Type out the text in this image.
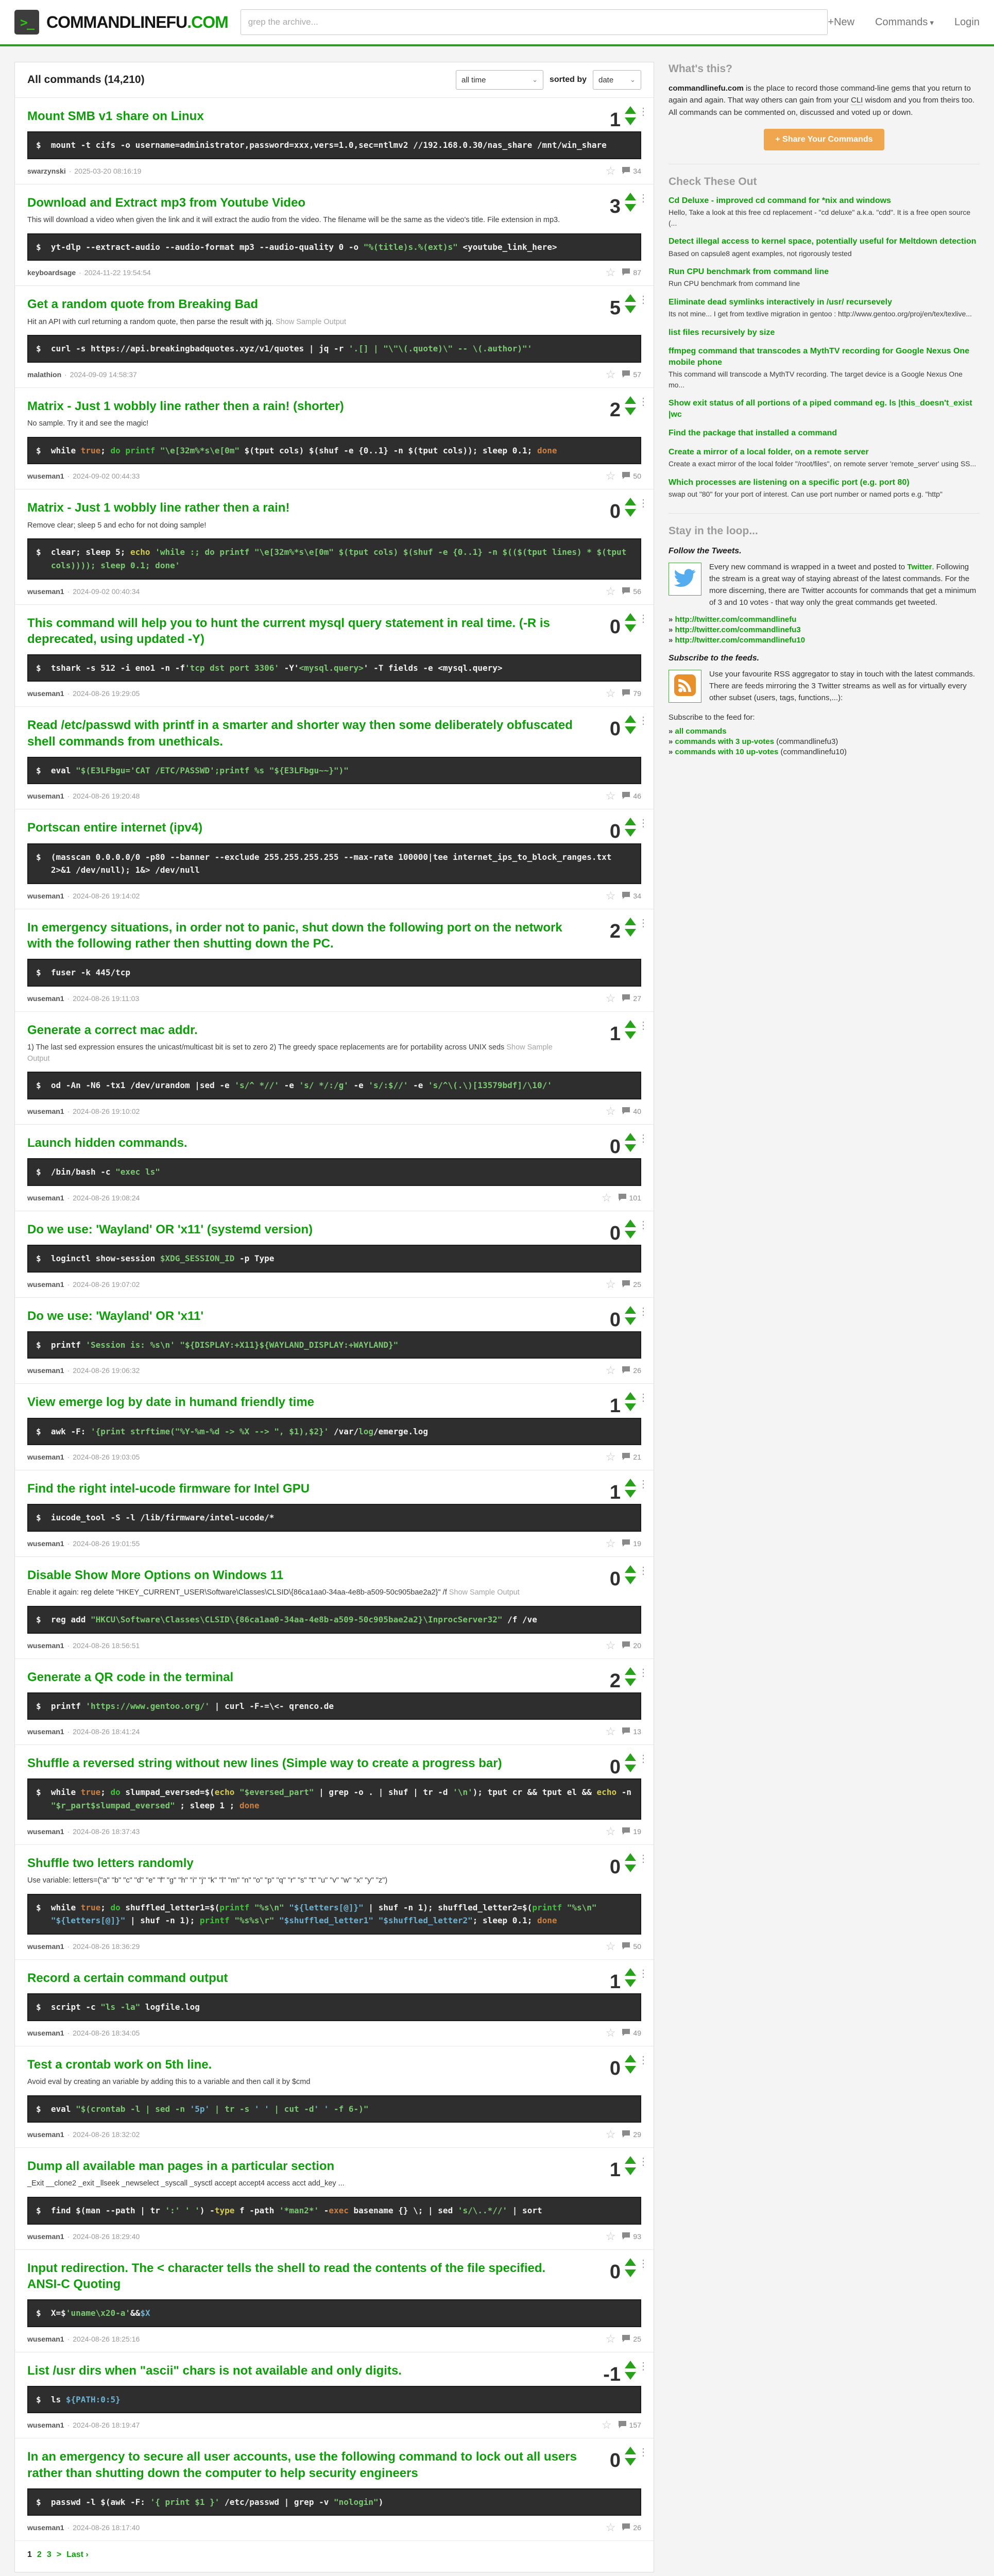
>_ COMMANDLINEFU.COM
grep the archive...	+New Commands ▾ Login
All commands (14,210)	all time	⌄ sorted by date ⌄
Mount SMB v1 share on Linux
$  mount -t cifs -o username=administrator,password=xxx,vers=1.0,sec=ntlmv2 //192.168.0.30/nas_share /mnt/win_share
swarzynski · 2025-03-20 08:16:19	☆ 34
1 ⋮
Download and Extract mp3 from Youtube Video
This will download a video when given the link and it will extract the audio from the video. The filename will be the same as the video's title. File extension in mp3.
$  yt-dlp --extract-audio --audio-format mp3 --audio-quality 0 -o "%(title)s.%(ext)s" <youtube_link_here>
keyboardsage · 2024-11-22 19:54:54	☆ 87
3 ⋮
Get a random quote from Breaking Bad
Hit an API with curl returning a random quote, then parse the result with jq. Show Sample Output
$  curl -s https://api.breakingbadquotes.xyz/v1/quotes | jq -r '.[] | "\"\(.quote)\" -- \(.author)"'
malathion · 2024-09-09 14:58:37	☆ 57
5 ⋮
Matrix - Just 1 wobbly line rather then a rain! (shorter)
No sample. Try it and see the magic!
$  while true; do printf "\e[32m%*s\e[0m" $(tput cols) $(shuf -e {0..1} -n $(tput cols)); sleep 0.1; done
wuseman1 · 2024-09-02 00:44:33	☆ 50
2 ⋮
Matrix - Just 1 wobbly line rather then a rain!
Remove clear; sleep 5 and echo for not doing sample!
$  clear; sleep 5; echo 'while :; do printf "\e[32m%*s\e[0m" $(tput cols) $(shuf -e {0..1} -n $(($(tput lines) * $(tput cols)))); sleep 0.1; done'
wuseman1 · 2024-09-02 00:40:34	☆ 56
0 ⋮
This command will help you to hunt the current mysql query statement in real time. (-R is deprecated, using updated -Y)
$  tshark -s 512 -i eno1 -n -f'tcp dst port 3306' -Y'<mysql.query>' -T fields -e <mysql.query>
wuseman1 · 2024-08-26 19:29:05	☆ 79
0 ⋮
Read /etc/passwd with printf in a smarter and shorter way then some deliberately obfuscated shell commands from unethicals.
$  eval "$(E3LFbgu='CAT /ETC/PASSWD';printf %s "${E3LFbgu~~}")"
wuseman1 · 2024-08-26 19:20:48	☆ 46
0 ⋮
Portscan entire internet (ipv4)
$  (masscan 0.0.0.0/0 -p80 --banner --exclude 255.255.255.255 --max-rate 100000|tee internet_ips_to_block_ranges.txt 2>&1 /dev/null); 1&> /dev/null
wuseman1 · 2024-08-26 19:14:02	☆ 34
0 ⋮
In emergency situations, in order not to panic, shut down the following port on the network with the following rather then shutting down the PC.
$  fuser -k 445/tcp
wuseman1 · 2024-08-26 19:11:03	☆ 27
2 ⋮
Generate a correct mac addr.
1) The last sed expression ensures the unicast/multicast bit is set to zero 2) The greedy space replacements are for portability across UNIX seds Show Sample Output
$  od -An -N6 -tx1 /dev/urandom |sed -e 's/^ *//' -e 's/ */:/g' -e 's/:$//' -e 's/^\(.\)[13579bdf]/\10/'
wuseman1 · 2024-08-26 19:10:02	☆ 40
1 ⋮
Launch hidden commands.
$  /bin/bash -c "exec ls"
wuseman1 · 2024-08-26 19:08:24	☆ 101
0 ⋮
Do we use: 'Wayland' OR 'x11' (systemd version)
$  loginctl show-session $XDG_SESSION_ID -p Type
wuseman1 · 2024-08-26 19:07:02	☆ 25
0 ⋮
Do we use: 'Wayland' OR 'x11'
$  printf 'Session is: %s\n' "${DISPLAY:+X11}${WAYLAND_DISPLAY:+WAYLAND}"
wuseman1 · 2024-08-26 19:06:32	☆ 26
0 ⋮
View emerge log by date in humand friendly time
$  awk -F: '{print strftime("%Y-%m-%d -> %X --> ", $1),$2}' /var/log/emerge.log
wuseman1 · 2024-08-26 19:03:05	☆ 21
1 ⋮
Find the right intel-ucode firmware for Intel GPU
$  iucode_tool -S -l /lib/firmware/intel-ucode/*
wuseman1 · 2024-08-26 19:01:55	☆ 19
1 ⋮
Disable Show More Options on Windows 11
Enable it again: reg delete "HKEY_CURRENT_USER\Software\Classes\CLSID\{86ca1aa0-34aa-4e8b-a509-50c905bae2a2}" /f Show Sample Output
$  reg add "HKCU\Software\Classes\CLSID\{86ca1aa0-34aa-4e8b-a509-50c905bae2a2}\InprocServer32" /f /ve
wuseman1 · 2024-08-26 18:56:51	☆ 20
0 ⋮
Generate a QR code in the terminal
$  printf 'https://www.gentoo.org/' | curl -F-=\<- qrenco.de
wuseman1 · 2024-08-26 18:41:24	☆ 13
2 ⋮
Shuffle a reversed string without new lines (Simple way to create a progress bar)
$  while true; do slumpad_eversed=$(echo "$eversed_part" | grep -o . | shuf | tr -d '\n'); tput cr && tput el && echo -n "$r_part$slumpad_eversed" ; sleep 1 ; done
wuseman1 · 2024-08-26 18:37:43	☆ 19
0 ⋮
Shuffle two letters randomly
Use variable: letters=("a" "b" "c" "d" "e" "f" "g" "h" "i" "j" "k" "l" "m" "n" "o" "p" "q" "r" "s" "t" "u" "v" "w" "x" "y" "z")
$  while true; do shuffled_letter1=$(printf "%s\n" "${letters[@]}" | shuf -n 1); shuffled_letter2=$(printf "%s\n" "${letters[@]}" | shuf -n 1); printf "%s%s\r" "$shuffled_letter1" "$shuffled_letter2"; sleep 0.1; done
wuseman1 · 2024-08-26 18:36:29	☆ 50
0 ⋮
Record a certain command output
$  script -c "ls -la" logfile.log
wuseman1 · 2024-08-26 18:34:05	☆ 49
1 ⋮
Test a crontab work on 5th line.
Avoid eval by creating an variable by adding this to a variable and then call it by $cmd
$  eval "$(crontab -l | sed -n '5p' | tr -s ' ' | cut -d' ' -f 6-)"
wuseman1 · 2024-08-26 18:32:02	☆ 29
0 ⋮
Dump all available man pages in a particular section
_Exit __clone2 _exit _llseek _newselect _syscall _sysctl accept accept4 access acct add_key ...
$  find $(man --path | tr ':' ' ') -type f -path '*man2*' -exec basename {} \; | sed 's/\..*//' | sort
wuseman1 · 2024-08-26 18:29:40	☆ 93
1 ⋮
Input redirection. The < character tells the shell to read the contents of the file specified. ANSI-C Quoting
$  X=$'uname\x20-a'&&$X
wuseman1 · 2024-08-26 18:25:16	☆ 25
0 ⋮
List /usr dirs when "ascii" chars is not available and only digits.
$  ls ${PATH:0:5}
wuseman1 · 2024-08-26 18:19:47	☆ 157
-1 ⋮
In an emergency to secure all user accounts, use the following command to lock out all users rather than shutting down the computer to help security engineers
$  passwd -l $(awk -F: '{ print $1 }' /etc/passwd | grep -v "nologin")
wuseman1 · 2024-08-26 18:17:40	☆ 26
0 ⋮
1 2 3 > Last ›
What's this?
commandlinefu.com is the place to record those command-line gems that you return to again and again. That way others can gain from your CLI wisdom and you from theirs too. All commands can be commented on, discussed and voted up or down.
+ Share Your Commands
Check These Out
Cd Deluxe - improved cd command for *nix and windows
Hello, Take a look at this free cd replacement - "cd deluxe" a.k.a. "cdd". It is a free open source (...
Detect illegal access to kernel space, potentially useful for Meltdown detection
Based on capsule8 agent examples, not rigorously tested
Run CPU benchmark from command line
Run CPU benchmark from command line
Eliminate dead symlinks interactively in /usr/ recursevely
Its not mine... I get from textlive migration in gentoo : http://www.gentoo.org/proj/en/tex/texlive...
list files recursively by size
ffmpeg command that transcodes a MythTV recording for Google Nexus One mobile phone
This command will transcode a MythTV recording. The target device is a Google Nexus One mo...
Show exit status of all portions of a piped command eg. ls |this_doesn't_exist |wc
Find the package that installed a command
Create a mirror of a local folder, on a remote server
Create a exact mirror of the local folder "/root/files", on remote server 'remote_server' using SS...
Which processes are listening on a specific port (e.g. port 80)
swap out "80" for your port of interest. Can use port number or named ports e.g. "http"
Stay in the loop...
Follow the Tweets.
Every new command is wrapped in a tweet and posted to Twitter. Following the stream is a great way of staying abreast of the latest commands. For the more discerning, there are Twitter accounts for commands that get a minimum of 3 and 10 votes - that way only the great commands get tweeted.
» http://twitter.com/commandlinefu
» http://twitter.com/commandlinefu3
» http://twitter.com/commandlinefu10
Subscribe to the feeds.
Use your favourite RSS aggregator to stay in touch with the latest commands. There are feeds mirroring the 3 Twitter streams as well as for virtually every other subset (users, tags, functions,...):
Subscribe to the feed for:
» all commands
» commands with 3 up-votes (commandlinefu3)
» commands with 10 up-votes (commandlinefu10)
